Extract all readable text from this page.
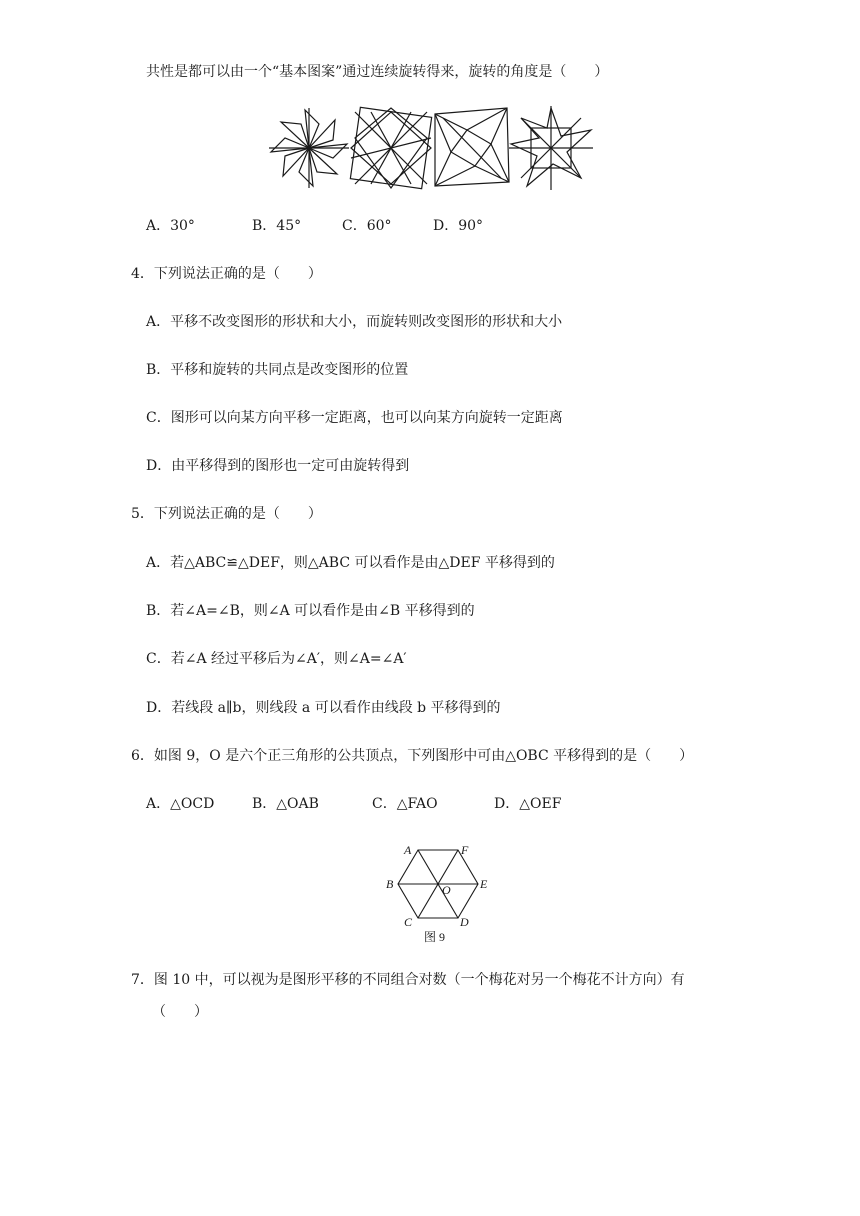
共性是都可以由一个“基本图案”通过连续旋转得来，旋转的角度是（　　）
A．30°	B．45°	C．60°	D．90°
4．下列说法正确的是（　　）
A．平移不改变图形的形状和大小，而旋转则改变图形的形状和大小
B．平移和旋转的共同点是改变图形的位置
C．图形可以向某方向平移一定距离，也可以向某方向旋转一定距离
D．由平移得到的图形也一定可由旋转得到
5．下列说法正确的是（　　）
A．若△ABC≌△DEF，则△ABC 可以看作是由△DEF 平移得到的
B．若∠A=∠B，则∠A 可以看作是由∠B 平移得到的
C．若∠A 经过平移后为∠A′，则∠A=∠A′
D．若线段 a∥b，则线段 a 可以看作由线段 b 平移得到的
6．如图 9，O 是六个正三角形的公共顶点，下列图形中可由△OBC 平移得到的是（　　）
A．△OCD	B．△OAB	C．△FAO	D．△OEF
A	F
B	O E
C	D
图 9
7．图 10 中，可以视为是图形平移的不同组合对数（一个梅花对另一个梅花不计方向）有
（　　）
